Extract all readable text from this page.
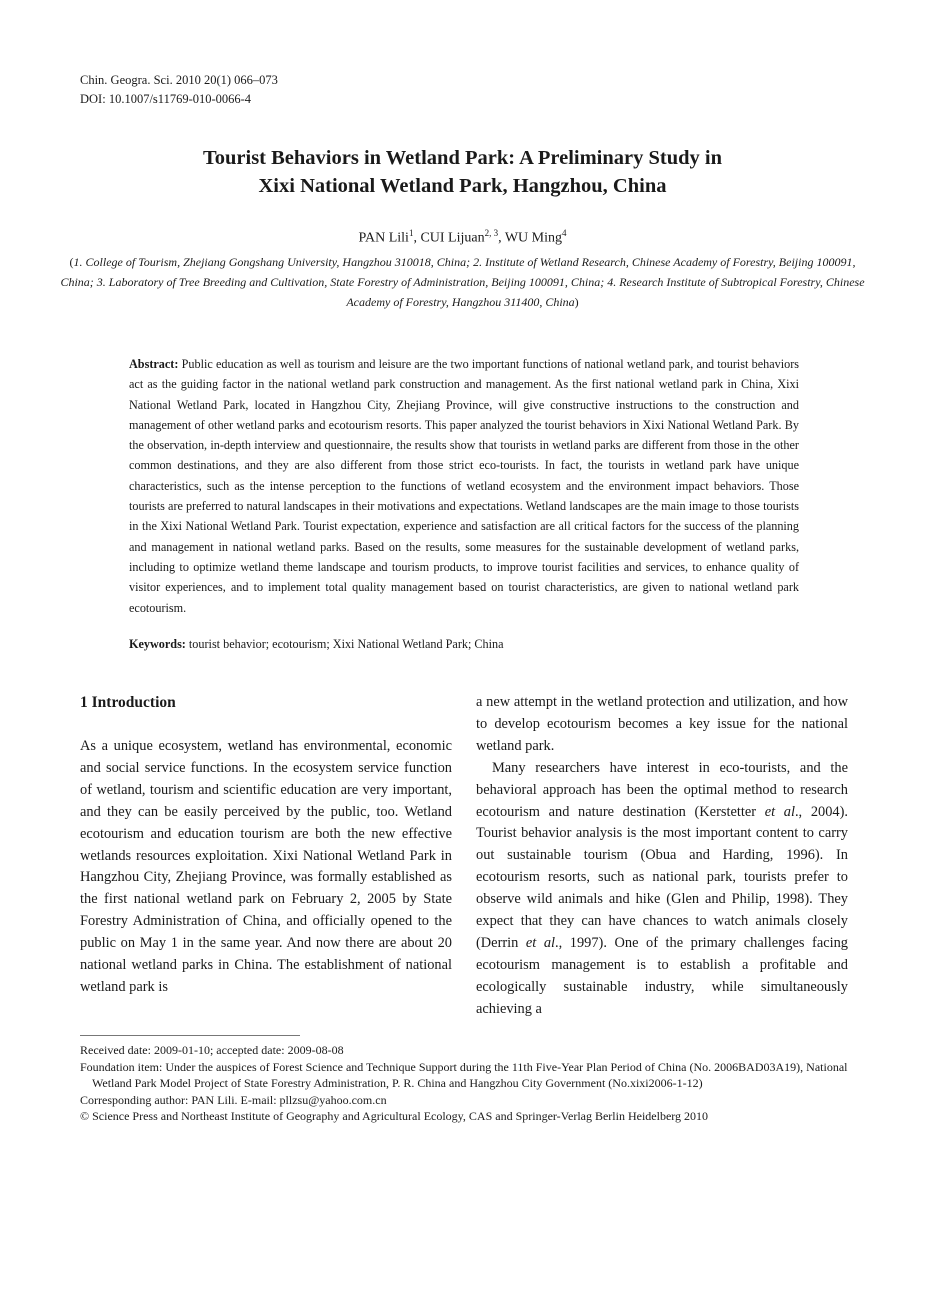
Chin. Geogra. Sci. 2010 20(1) 066–073
DOI: 10.1007/s11769-010-0066-4
Tourist Behaviors in Wetland Park: A Preliminary Study in
Xixi National Wetland Park, Hangzhou, China
PAN Lili$^1$, CUI Lijuan$^{2, 3}$, WU Ming$^4$
(1. College of Tourism, Zhejiang Gongshang University, Hangzhou 310018, China; 2. Institute of Wetland Research, Chinese Academy of Forestry, Beijing 100091, China; 3. Laboratory of Tree Breeding and Cultivation, State Forestry of Administration, Beijing 100091, China; 4. Research Institute of Subtropical Forestry, Chinese Academy of Forestry, Hangzhou 311400, China)
Abstract: Public education as well as tourism and leisure are the two important functions of national wetland park, and tourist behaviors act as the guiding factor in the national wetland park construction and management. As the first national wetland park in China, Xixi National Wetland Park, located in Hangzhou City, Zhejiang Province, will give constructive instructions to the construction and management of other wetland parks and ecotourism resorts. This paper analyzed the tourist behaviors in Xixi National Wetland Park. By the observation, in-depth interview and questionnaire, the results show that tourists in wetland parks are different from those in the other common destinations, and they are also different from those strict eco-tourists. In fact, the tourists in wetland park have unique characteristics, such as the intense perception to the functions of wetland ecosystem and the environment impact behaviors. Those tourists are preferred to natural landscapes in their motivations and expectations. Wetland landscapes are the main image to those tourists in the Xixi National Wetland Park. Tourist expectation, experience and satisfaction are all critical factors for the success of the planning and management in national wetland parks. Based on the results, some measures for the sustainable development of wetland parks, including to optimize wetland theme landscape and tourism products, to improve tourist facilities and services, to enhance quality of visitor experiences, and to implement total quality management based on tourist characteristics, are given to national wetland park ecotourism.
Keywords: tourist behavior; ecotourism; Xixi National Wetland Park; China
1 Introduction

As a unique ecosystem, wetland has environmental, economic and social service functions. In the ecosystem service function of wetland, tourism and scientific education are very important, and they can be easily perceived by the public, too. Wetland ecotourism and education tourism are both the new effective wetlands resources exploitation. Xixi National Wetland Park in Hangzhou City, Zhejiang Province, was formally established as the first national wetland park on February 2, 2005 by State Forestry Administration of China, and officially opened to the public on May 1 in the same year. And now there are about 20 national wetland parks in China. The establishment of national wetland park is

a new attempt in the wetland protection and utilization, and how to develop ecotourism becomes a key issue for the national wetland park.

Many researchers have interest in eco-tourists, and the behavioral approach has been the optimal method to research ecotourism and nature destination (Kerstetter et al., 2004). Tourist behavior analysis is the most important content to carry out sustainable tourism (Obua and Harding, 1996). In ecotourism resorts, such as national park, tourists prefer to observe wild animals and hike (Glen and Philip, 1998). They expect that they can have chances to watch animals closely (Derrin et al., 1997). One of the primary challenges facing ecotourism management is to establish a profitable and ecologically sustainable industry, while simultaneously achieving a

Received date: 2009-01-10; accepted date: 2009-08-08

Foundation item: Under the auspices of Forest Science and Technique Support during the 11th Five-Year Plan Period of China (No. 2006BAD03A19), National Wetland Park Model Project of State Forestry Administration, P. R. China and Hangzhou City Government (No.xixi2006-1-12)

Corresponding author: PAN Lili. E-mail: pllzsu@yahoo.com.cn

© Science Press and Northeast Institute of Geography and Agricultural Ecology, CAS and Springer-Verlag Berlin Heidelberg 2010
